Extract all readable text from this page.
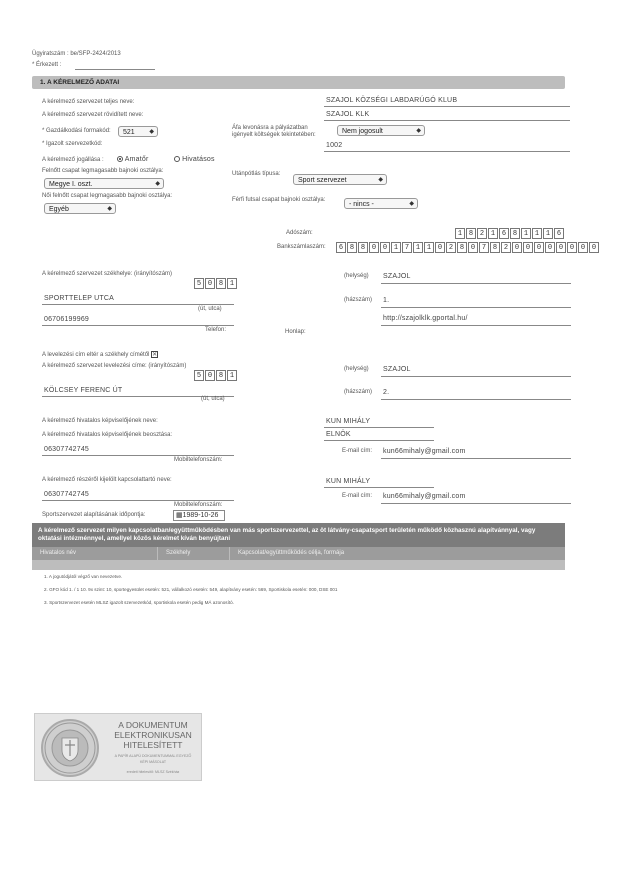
Ügyiratszám : be/SFP-2424/2013
* Érkezett :
1. A KÉRELMEZŐ ADATAI
A kérelmező szervezet teljes neve:	SZAJOL KÖZSÉGI LABDARÚGÓ KLUB
A kérelmező szervezet rövidített neve:	SZAJOL KLK
* Gazdálkodási formakód:	521 ◆
Áfa levonásra a pályázatban
igényelt költségek tekintetében:	Nem jogosult	◆
* Igazolt szervezetkód:	1002
A kérelmező jogállása :	Amatőr	Hivatásos
Felnőtt csapat legmagasabb bajnoki osztálya:
Megye I. oszt.	◆
Utánpótlás típusa:
Sport szervezet	◆
Női felnőtt csapat legmagasabb bajnoki osztálya:
Egyéb	◆
Férfi futsal csapat bajnoki osztálya:
- nincs -	◆
Adószám:	1 8 2 1 6 8 1 1 1 6
Bankszámlaszám:	6 8 8 0 0 1 7 1 1 0 2 8 0 7 8 2 0 0 0 0 0 0 0 0
A kérelmező szervezet székhelye: (irányítószám)
5 0 8 1
(helység) SZAJOL
SPORTTELEP UTCA
(út, utca)
(házszám) 1.
06706199969
Telefon:	Honlap:
http://szajolklk.gportal.hu/
A levelezési cím eltér a székhely címétől ✕
A kérelmező szervezet levelezési címe: (irányítószám)
5 0 8 1
(helység) SZAJOL
KÖLCSEY FERENC ÚT
(út, utca)
(házszám) 2.
A kérelmező hivatalos képviselőjének neve:	KUN MIHÁLY
A kérelmező hivatalos képviselőjének beosztása:	ELNÖK
06307742745
Mobiltelefonszám:
E-mail cím: kun66mihaly@gmail.com
A kérelmező részéről kijelölt kapcsolattartó neve:	KUN MIHÁLY
06307742745	E-mail cím: kun66mihaly@gmail.com
Mobiltelefonszám:
Sportszervezet alapításának időpontja:	▦1989-10-26
A kérelmező szervezet milyen kapcsolatban/együttműködésben van más sportszervezettel, az öt látvány-csapatsport területén működő közhasznú alapítvánnyal, vagy oktatási intézménnyel, amellyel közös kérelmet kíván benyújtani
Hivatalos név	Székhely	Kapcsolat/együttműködés célja, formája
1. A jogutódjától végző van nevezetve.
2. GFO kód 1. / 1 10. 9x szint: 10, sportegyesület esetén: 521, vállalkozó esetén: 549, alapítvány esetén: 569, Sportiskola esetén: 000, DSE 001
3. Sportszervezet esetén MLSZ igazolt szervezetkód, sportiskola esetén pedig MÁ azonosító.
A DOKUMENTUM
ELEKTRONIKUSAN
HITELESÍTETT
A PAPÍR ALAPÚ DOKUMENTUMMAL EGYEZŐ
KÉPI MÁSOLAT
eredeti hitelesítő: MLSZ Székház
